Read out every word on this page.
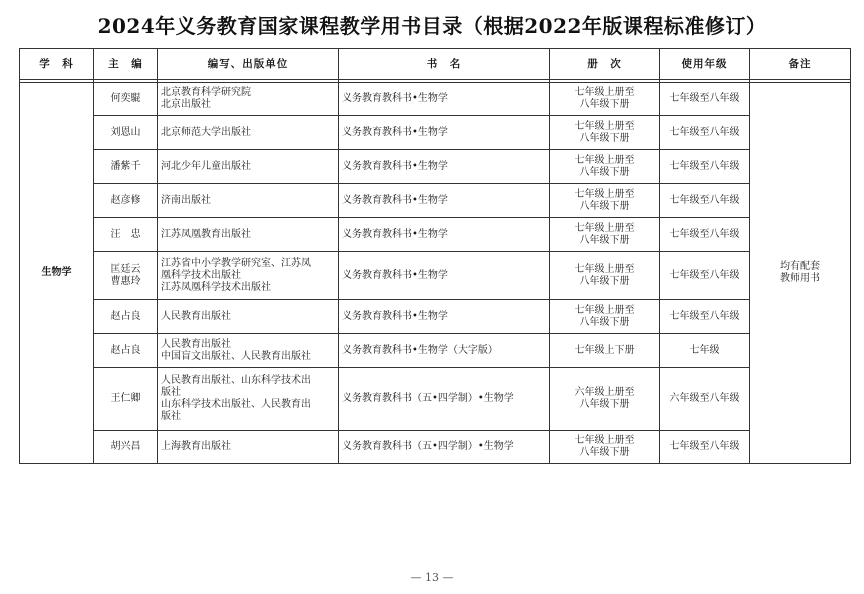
2024年义务教育国家课程教学用书目录（根据2022年版课程标准修订）
学　科	主　编	编写、出版单位	书　名	册　次	使用年级	备注

生物学	何奕騉	北京教育科学研究院
北京出版社	义务教育教科书•生物学	七年级上册至
八年级下册	七年级至八年级	均有配套
教师用书
	刘恩山	北京师范大学出版社	义务教育教科书•生物学	七年级上册至
八年级下册	七年级至八年级	
	潘紫千	河北少年儿童出版社	义务教育教科书•生物学	七年级上册至
八年级下册	七年级至八年级	
	赵彦修	济南出版社	义务教育教科书•生物学	七年级上册至
八年级下册	七年级至八年级	
	汪　忠	江苏凤凰教育出版社	义务教育教科书•生物学	七年级上册至
八年级下册	七年级至八年级	
	匡廷云
曹惠玲	江苏省中小学教学研究室、江苏凤
凰科学技术出版社
江苏凤凰科学技术出版社	义务教育教科书•生物学	七年级上册至
八年级下册	七年级至八年级	
	赵占良	人民教育出版社	义务教育教科书•生物学	七年级上册至
八年级下册	七年级至八年级	
	赵占良	人民教育出版社
中国盲文出版社、人民教育出版社	义务教育教科书•生物学（大字版）	七年级上下册	七年级	
	王仁卿	人民教育出版社、山东科学技术出
版社
山东科学技术出版社、人民教育出
版社	义务教育教科书（五•四学制）•生物学	六年级上册至
八年级下册	六年级至八年级	
	胡兴昌	上海教育出版社	义务教育教科书（五•四学制）•生物学	七年级上册至
八年级下册	七年级至八年级	
— 13 —
